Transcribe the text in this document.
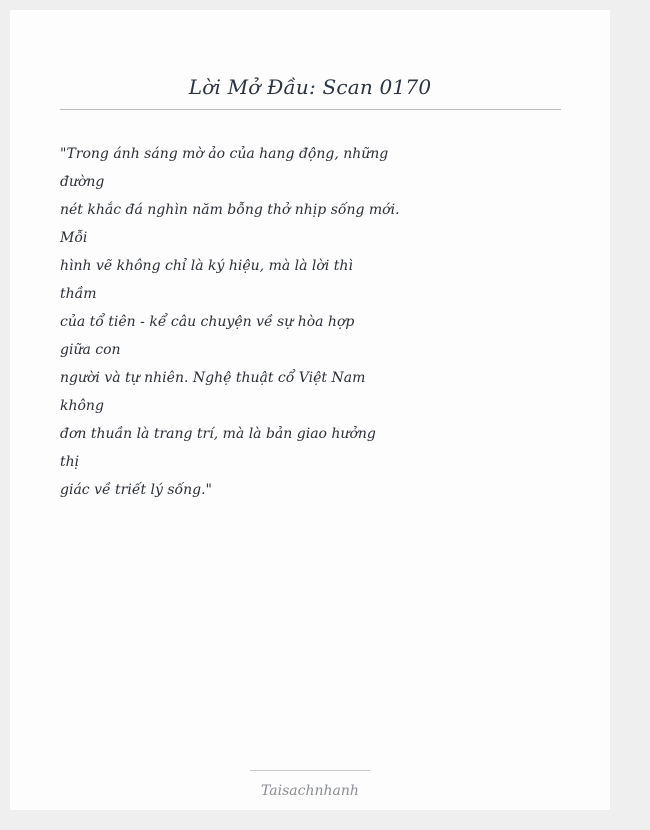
Lời Mở Đầu: Scan 0170
"Trong ánh sáng mờ ảo của hang động, những
đường
nét khắc đá nghìn năm bỗng thở nhịp sống mới.
Mỗi
hình vẽ không chỉ là ký hiệu, mà là lời thì
thầm
của tổ tiên - kể câu chuyện về sự hòa hợp
giữa con
người và tự nhiên. Nghệ thuật cổ Việt Nam
không
đơn thuần là trang trí, mà là bản giao hưởng
thị
giác về triết lý sống."
Taisachnhanh
